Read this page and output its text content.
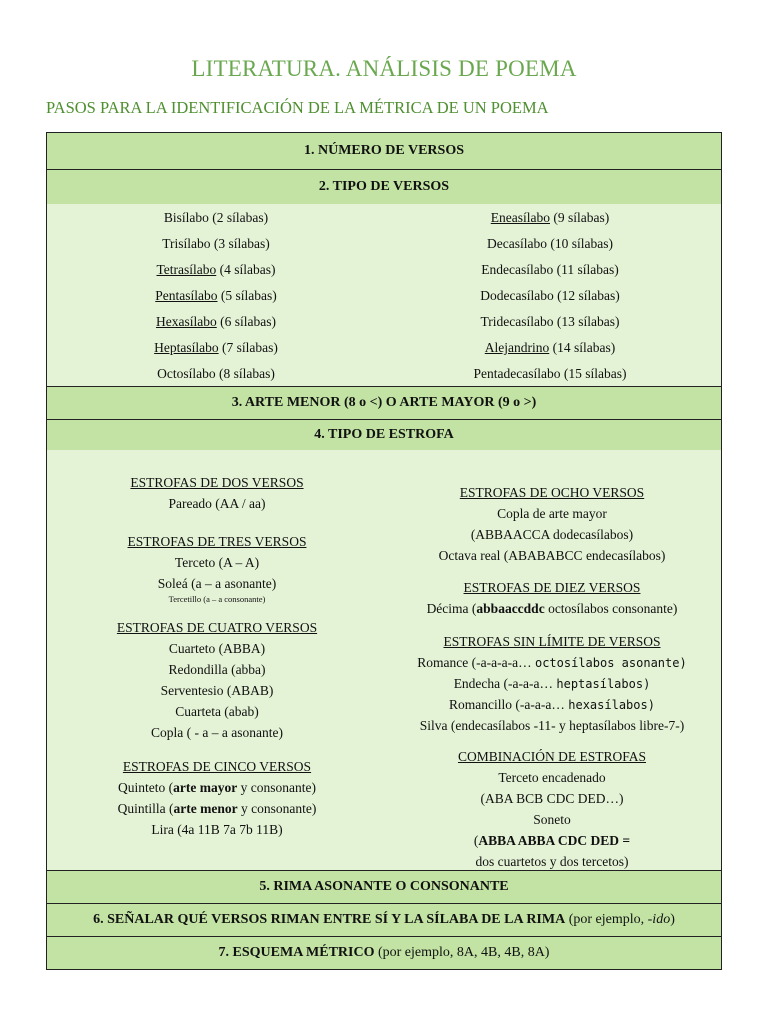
LITERATURA. ANÁLISIS DE POEMA
PASOS PARA LA IDENTIFICACIÓN DE LA MÉTRICA DE UN POEMA
1. NÚMERO DE VERSOS
2. TIPO DE VERSOS
Bisílabo (2 sílabas)
Trisílabo (3 sílabas)
Tetrasílabo (4 sílabas)
Pentasílabo (5 sílabas)
Hexasílabo (6 sílabas)
Heptasílabo (7 sílabas)
Octosílabo (8 sílabas)
Eneasílabo (9 sílabas)
Decasílabo (10 sílabas)
Endecasílabo (11 sílabas)
Dodecasílabo (12 sílabas)
Tridecasílabo (13 sílabas)
Alejandrino (14 sílabas)
Pentadecasílabo (15 sílabas)
3. ARTE MENOR (8 o <) O ARTE MAYOR (9 o >)
4. TIPO DE ESTROFA
ESTROFAS DE DOS VERSOS
Pareado (AA / aa)
ESTROFAS DE TRES VERSOS
Terceto (A – A)
Soleá (a – a asonante)
Tercetillo (a – a consonante)
ESTROFAS DE CUATRO VERSOS
Cuarteto (ABBA)
Redondilla (abba)
Serventesio (ABAB)
Cuarteta (abab)
Copla ( - a – a asonante)
ESTROFAS DE CINCO VERSOS
Quinteto (arte mayor y consonante)
Quintilla (arte menor y consonante)
Lira (4a 11B 7a 7b 11B)
ESTROFAS DE OCHO VERSOS
Copla de arte mayor
(ABBAACCA dodecasílabos)
Octava real (ABABABCC endecasílabos)
ESTROFAS DE DIEZ VERSOS
Décima (abbaaccddc octosílabos consonante)
ESTROFAS SIN LÍMITE DE VERSOS
Romance (-a-a-a-a… octosílabos asonante)
Endecha (-a-a-a… heptasílabos)
Romancillo (-a-a-a… hexasílabos)
Silva (endecasílabos -11- y heptasílabos libre-7-)
COMBINACIÓN DE ESTROFAS
Terceto encadenado
(ABA BCB CDC DED…)
Soneto
(ABBA ABBA CDC DED =
dos cuartetos y dos tercetos)
5. RIMA ASONANTE O CONSONANTE
6. SEÑALAR QUÉ VERSOS RIMAN ENTRE SÍ Y LA SÍLABA DE LA RIMA (por ejemplo, -ido)
7. ESQUEMA MÉTRICO (por ejemplo, 8A, 4B, 4B, 8A)
